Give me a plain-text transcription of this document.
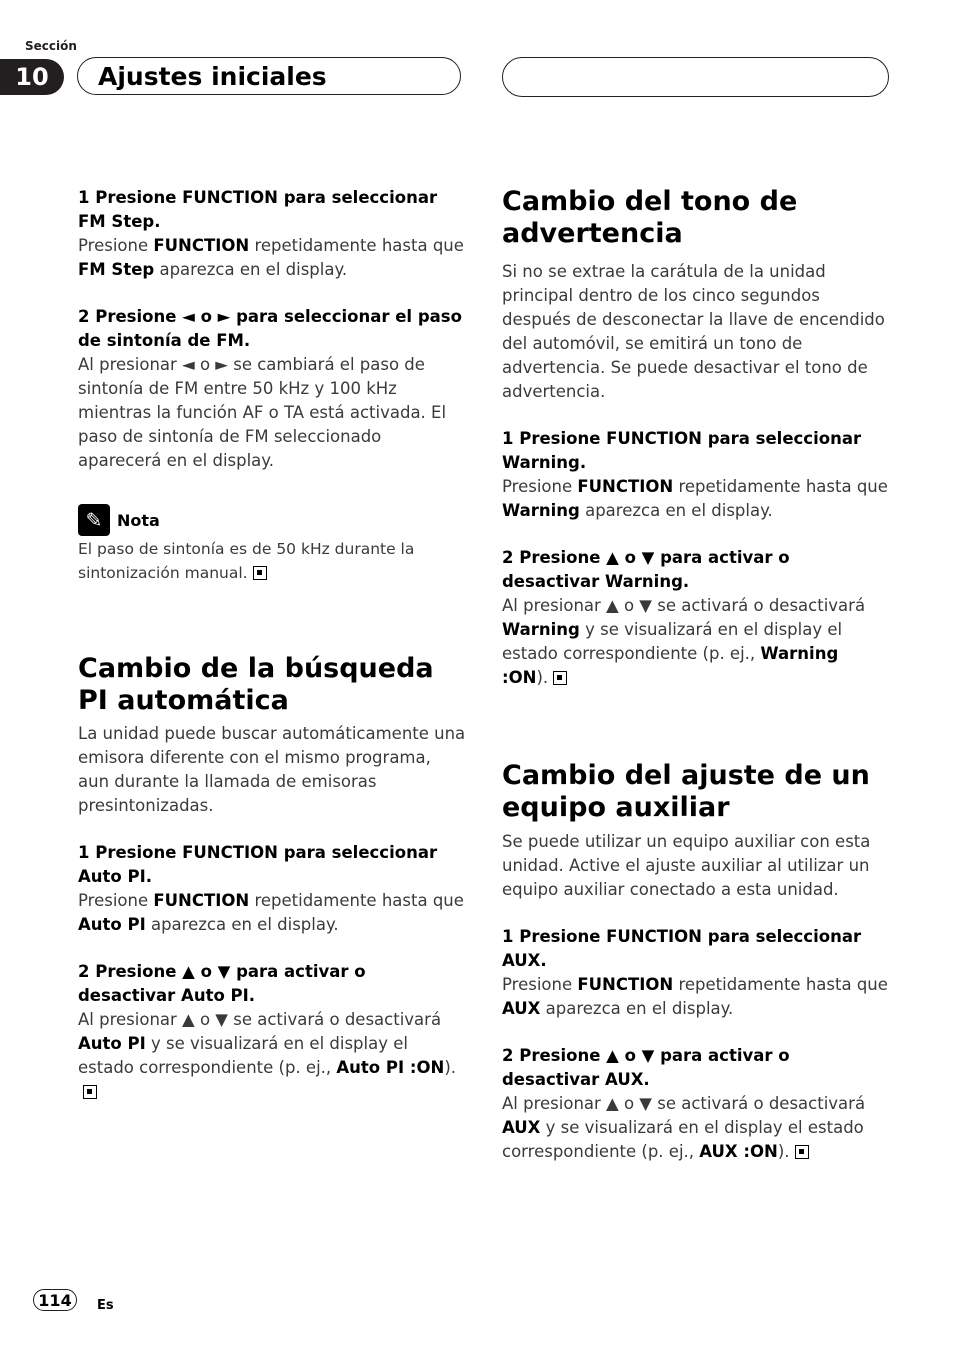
Sección
10	Ajustes iniciales

1 Presione FUNCTION para seleccionar FM Step.

Presione FUNCTION repetidamente hasta que FM Step aparezca en el display.

2 Presione ◄ o ► para seleccionar el paso de sintonía de FM.

Al presionar ◄ o ► se cambiará el paso de sintonía de FM entre 50 kHz y 100 kHz mientras la función AF o TA está activada. El paso de sintonía de FM seleccionado aparecerá en el display.

✎ Nota

El paso de sintonía es de 50 kHz durante la sintonización manual.

Cambio de la búsqueda PI automática

La unidad puede buscar automáticamente una emisora diferente con el mismo programa, aun durante la llamada de emisoras presintonizadas.

1 Presione FUNCTION para seleccionar Auto PI.

Presione FUNCTION repetidamente hasta que Auto PI aparezca en el display.

2 Presione ▲ o ▼ para activar o desactivar Auto PI.

Al presionar ▲ o ▼ se activará o desactivará Auto PI y se visualizará en el display el estado correspondiente (p. ej., Auto PI :ON).

Cambio del tono de advertencia

Si no se extrae la carátula de la unidad principal dentro de los cinco segundos después de desconectar la llave de encendido del automóvil, se emitirá un tono de advertencia. Se puede desactivar el tono de advertencia.

1 Presione FUNCTION para seleccionar Warning.

Presione FUNCTION repetidamente hasta que Warning aparezca en el display.

2 Presione ▲ o ▼ para activar o desactivar Warning.

Al presionar ▲ o ▼ se activará o desactivará Warning y se visualizará en el display el estado correspondiente (p. ej., Warning :ON).

Cambio del ajuste de un equipo auxiliar

Se puede utilizar un equipo auxiliar con esta unidad. Active el ajuste auxiliar al utilizar un equipo auxiliar conectado a esta unidad.

1 Presione FUNCTION para seleccionar AUX.

Presione FUNCTION repetidamente hasta que AUX aparezca en el display.

2 Presione ▲ o ▼ para activar o desactivar AUX.

Al presionar ▲ o ▼ se activará o desactivará AUX y se visualizará en el display el estado correspondiente (p. ej., AUX :ON).

114	Es
